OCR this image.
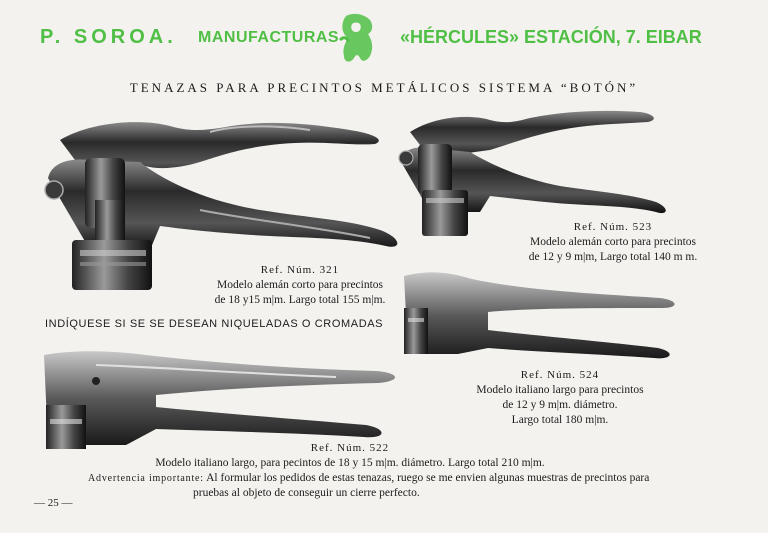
P. SOROA. MANUFACTURAS	«HÉRCULES» ESTACIÓN, 7. EIBAR
TENAZAS PARA PRECINTOS METÁLICOS SISTEMA “BOTÓN”
Ref. Núm. 321
Modelo alemán corto para precintos
de 18 y15 m|m. Largo total 155 m|m.
Ref. Núm. 523
Modelo alemán corto para precintos
de 12 y 9 m|m, Largo total 140 m m.
INDÍQUESE SI SE SE DESEAN NIQUELADAS O CROMADAS
Ref. Núm. 524
Modelo italiano largo para precintos
de 12 y 9 m|m. diámetro.
Largo total 180 m|m.
Ref. Núm. 522
Modelo italiano largo, para pecintos de 18 y 15 m|m. diámetro. Largo total 210 m|m.
Advertencia importante: Al formular los pedidos de estas tenazas, ruego se me envien algunas muestras de precintos para
pruebas al objeto de conseguir un cierre perfecto.
— 25 —
